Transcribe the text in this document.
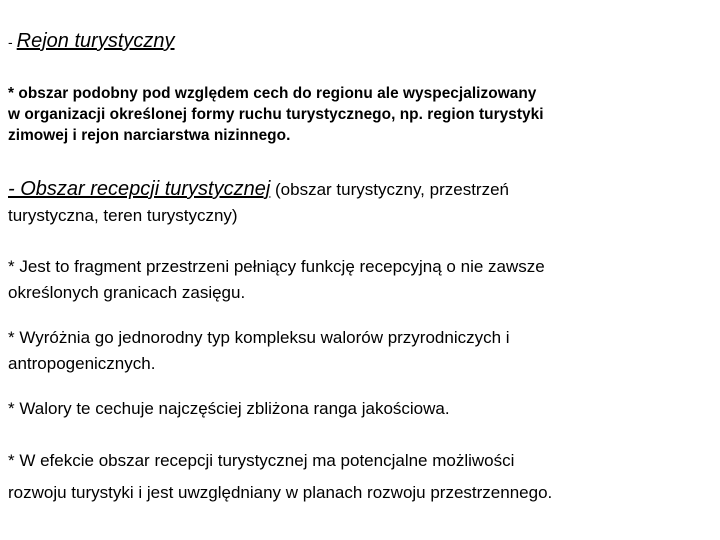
- Rejon turystyczny
* obszar podobny pod względem cech do regionu ale wyspecjalizowany
w organizacji określonej formy ruchu turystycznego, np. region turystyki
zimowej i rejon narciarstwa nizinnego.
- Obszar recepcji turystycznej (obszar turystyczny, przestrzeń
turystyczna, teren turystyczny)
* Jest to fragment przestrzeni pełniący funkcję recepcyjną o nie zawsze
określonych granicach zasięgu.
* Wyróżnia go jednorodny typ kompleksu walorów przyrodniczych i
antropogenicznych.
* Walory te cechuje najczęściej zbliżona ranga jakościowa.
* W efekcie obszar recepcji turystycznej ma potencjalne możliwości
rozwoju turystyki i jest uwzględniany w planach rozwoju przestrzennego.
